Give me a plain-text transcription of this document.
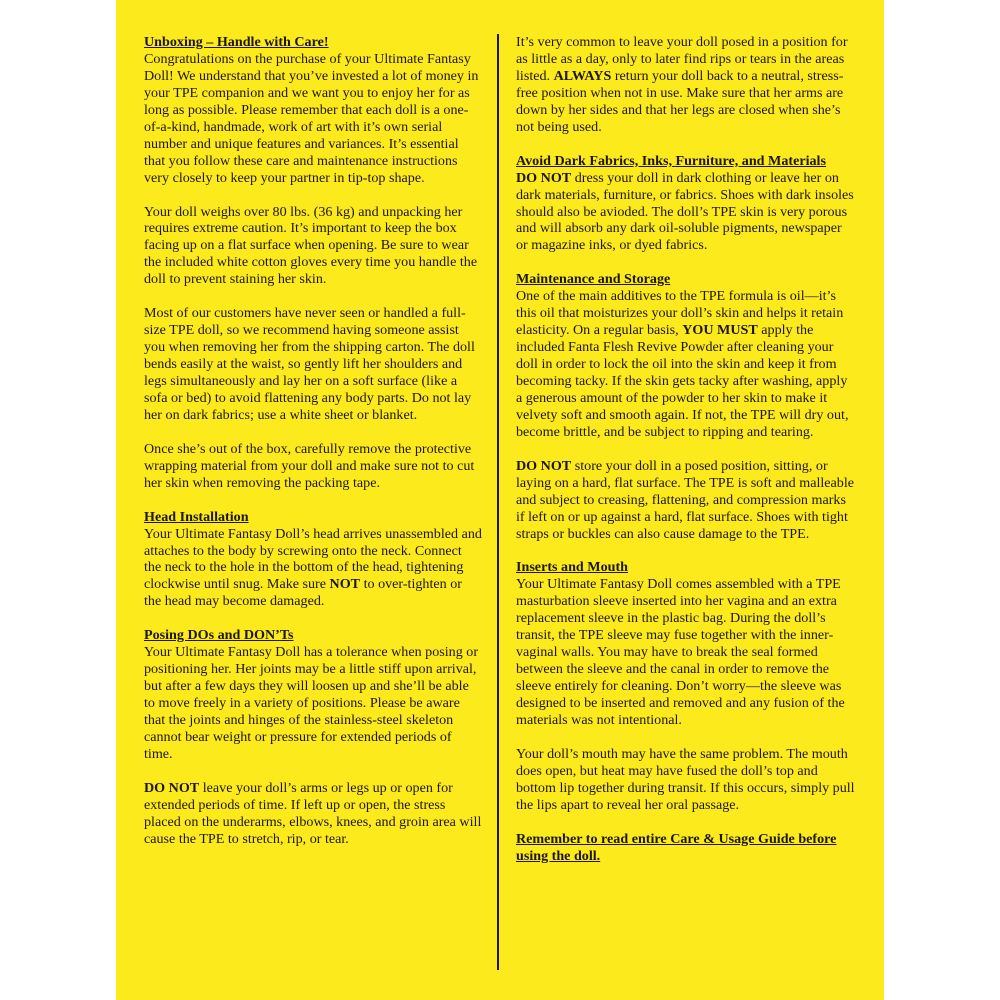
Unboxing – Handle with Care!
Congratulations on the purchase of your Ultimate Fantasy Doll! We understand that you’ve invested a lot of money in your TPE companion and we want you to enjoy her for as long as possible. Please remember that each doll is a one-of-a-kind, handmade, work of art with it’s own serial number and unique features and variances. It’s essential that you follow these care and maintenance instructions very closely to keep your partner in tip-top shape.

Your doll weighs over 80 lbs. (36 kg) and unpacking her requires extreme caution. It’s important to keep the box facing up on a flat surface when opening. Be sure to wear the included white cotton gloves every time you handle the doll to prevent staining her skin.

Most of our customers have never seen or handled a full-size TPE doll, so we recommend having someone assist you when removing her from the shipping carton. The doll bends easily at the waist, so gently lift her shoulders and legs simultaneously and lay her on a soft surface (like a sofa or bed) to avoid flattening any body parts. Do not lay her on dark fabrics; use a white sheet or blanket.

Once she’s out of the box, carefully remove the protective wrapping material from your doll and make sure not to cut her skin when removing the packing tape.

Head Installation
Your Ultimate Fantasy Doll’s head arrives unassembled and attaches to the body by screwing onto the neck. Connect the neck to the hole in the bottom of the head, tightening clockwise until snug. Make sure NOT to over-tighten or the head may become damaged.

Posing DOs and DON’Ts
Your Ultimate Fantasy Doll has a tolerance when posing or positioning her. Her joints may be a little stiff upon arrival, but after a few days they will loosen up and she’ll be able to move freely in a variety of positions. Please be aware that the joints and hinges of the stainless-steel skeleton cannot bear weight or pressure for extended periods of time.

DO NOT leave your doll’s arms or legs up or open for extended periods of time. If left up or open, the stress placed on the underarms, elbows, knees, and groin area will cause the TPE to stretch, rip, or tear.

It’s very common to leave your doll posed in a position for as little as a day, only to later find rips or tears in the areas listed. ALWAYS return your doll back to a neutral, stress-free position when not in use. Make sure that her arms are down by her sides and that her legs are closed when she’s not being used.

Avoid Dark Fabrics, Inks, Furniture, and Materials
DO NOT dress your doll in dark clothing or leave her on dark materials, furniture, or fabrics. Shoes with dark insoles should also be avioded. The doll’s TPE skin is very porous and will absorb any dark oil-soluble pigments, newspaper or magazine inks, or dyed fabrics.

Maintenance and Storage
One of the main additives to the TPE formula is oil—it’s this oil that moisturizes your doll’s skin and helps it retain elasticity. On a regular basis, YOU MUST apply the included Fanta Flesh Revive Powder after cleaning your doll in order to lock the oil into the skin and keep it from becoming tacky. If the skin gets tacky after washing, apply a generous amount of the powder to her skin to make it velvety soft and smooth again. If not, the TPE will dry out, become brittle, and be subject to ripping and tearing.

DO NOT store your doll in a posed position, sitting, or laying on a hard, flat surface. The TPE is soft and malleable and subject to creasing, flattening, and compression marks if left on or up against a hard, flat surface. Shoes with tight straps or buckles can also cause damage to the TPE.

Inserts and Mouth
Your Ultimate Fantasy Doll comes assembled with a TPE masturbation sleeve inserted into her vagina and an extra replacement sleeve in the plastic bag. During the doll’s transit, the TPE sleeve may fuse together with the inner-vaginal walls. You may have to break the seal formed between the sleeve and the canal in order to remove the sleeve entirely for cleaning. Don’t worry—the sleeve was designed to be inserted and removed and any fusion of the materials was not intentional.

Your doll’s mouth may have the same problem. The mouth does open, but heat may have fused the doll’s top and bottom lip together during transit. If this occurs, simply pull the lips apart to reveal her oral passage.

Remember to read entire Care & Usage Guide before using the doll.
